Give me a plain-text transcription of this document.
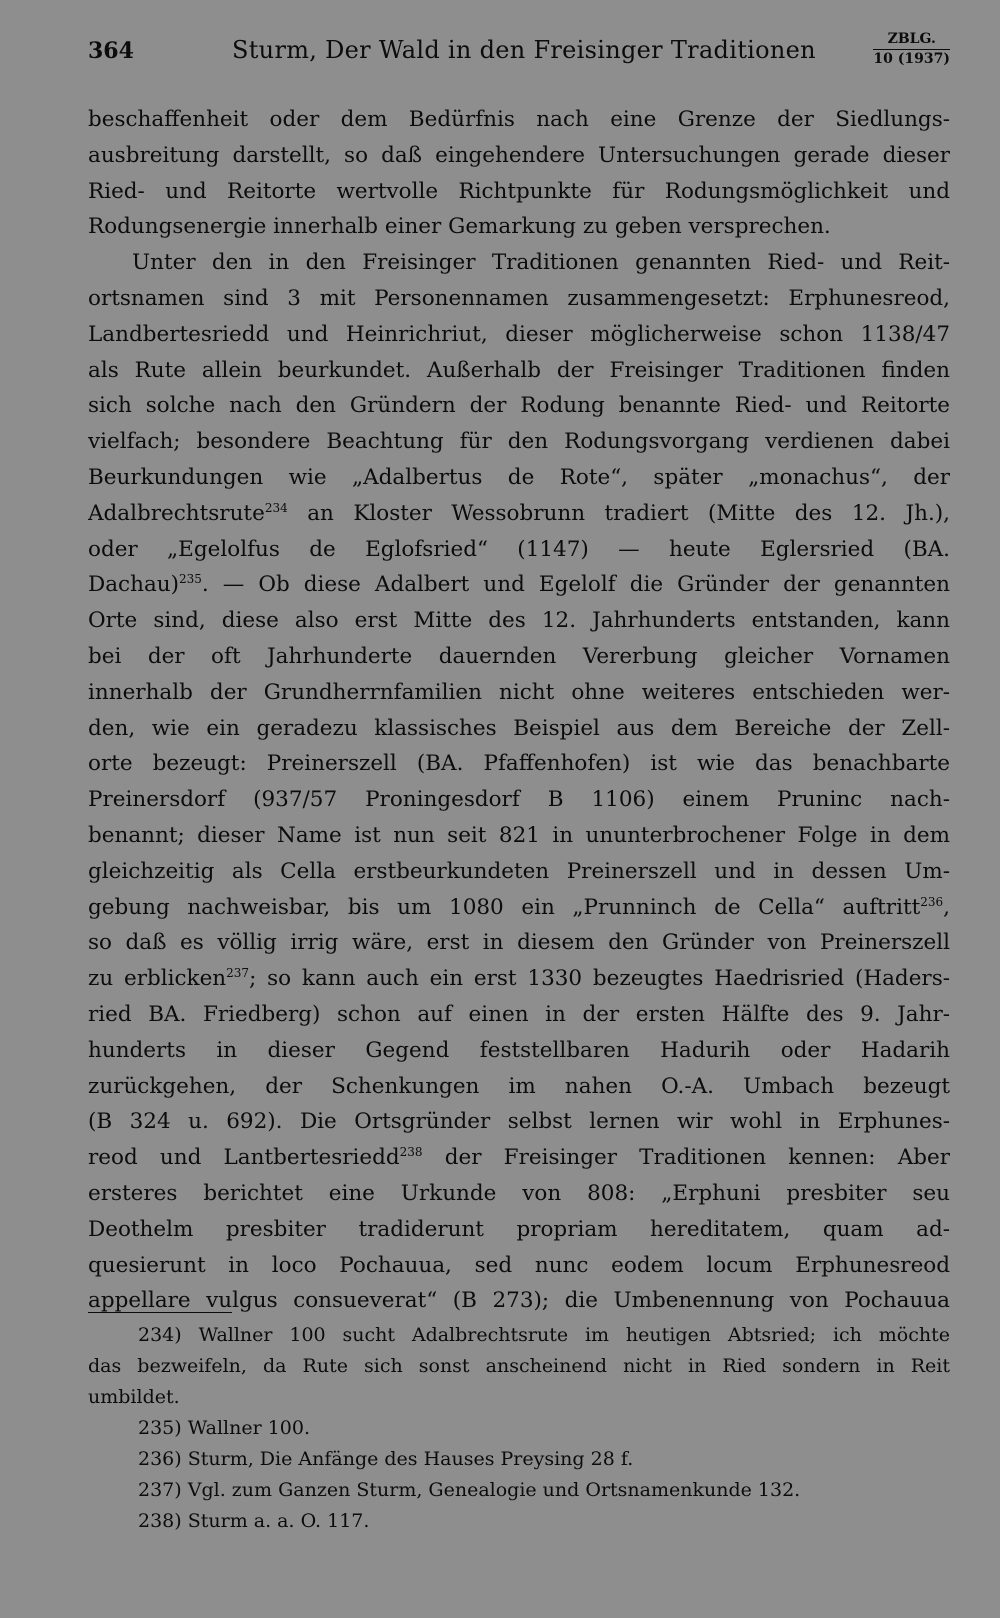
364	Sturm, Der Wald in den Freisinger Traditionen	ZBLG.
10 (1937)
beschaffenheit oder dem Bedürfnis nach eine Grenze der Siedlungs-
ausbreitung darstellt, so daß eingehendere Untersuchungen gerade dieser
Ried- und Reitorte wertvolle Richtpunkte für Rodungsmöglichkeit und
Rodungsenergie innerhalb einer Gemarkung zu geben versprechen.
Unter den in den Freisinger Traditionen genannten Ried- und Reit-
ortsnamen sind 3 mit Personennamen zusammengesetzt: Erphunesreod,
Landbertesriedd und Heinrichriut, dieser möglicherweise schon 1138/47
als Rute allein beurkundet. Außerhalb der Freisinger Traditionen finden
sich solche nach den Gründern der Rodung benannte Ried- und Reitorte
vielfach; besondere Beachtung für den Rodungsvorgang verdienen dabei
Beurkundungen wie „Adalbertus de Rote“, später „monachus“, der
Adalbrechtsrute$^{234}$ an Kloster Wessobrunn tradiert (Mitte des 12. Jh.),
oder „Egelolfus de Eglofsried“ (1147) — heute Eglersried (BA.
Dachau)$^{235}$. — Ob diese Adalbert und Egelolf die Gründer der genannten
Orte sind, diese also erst Mitte des 12. Jahrhunderts entstanden, kann
bei der oft Jahrhunderte dauernden Vererbung gleicher Vornamen
innerhalb der Grundherrnfamilien nicht ohne weiteres entschieden wer-
den, wie ein geradezu klassisches Beispiel aus dem Bereiche der Zell-
orte bezeugt: Preinerszell (BA. Pfaffenhofen) ist wie das benachbarte
Preinersdorf (937/57 Proningesdorf B 1106) einem Pruninc nach-
benannt; dieser Name ist nun seit 821 in ununterbrochener Folge in dem
gleichzeitig als Cella erstbeurkundeten Preinerszell und in dessen Um-
gebung nachweisbar, bis um 1080 ein „Prunninch de Cella“ auftritt$^{236}$,
so daß es völlig irrig wäre, erst in diesem den Gründer von Preinerszell
zu erblicken$^{237}$; so kann auch ein erst 1330 bezeugtes Haedrisried (Haders-
ried BA. Friedberg) schon auf einen in der ersten Hälfte des 9. Jahr-
hunderts in dieser Gegend feststellbaren Hadurih oder Hadarih
zurückgehen, der Schenkungen im nahen O.-A. Umbach bezeugt
(B 324 u. 692). Die Ortsgründer selbst lernen wir wohl in Erphunes-
reod und Lantbertesriedd$^{238}$ der Freisinger Traditionen kennen: Aber
ersteres berichtet eine Urkunde von 808: „Erphuni presbiter seu
Deothelm presbiter tradiderunt propriam hereditatem, quam ad-
quesierunt in loco Pochauua, sed nunc eodem locum Erphunesreod
appellare vulgus consueverat“ (B 273); die Umbenennung von Pochauua
234) Wallner 100 sucht Adalbrechtsrute im heutigen Abtsried; ich möchte
das bezweifeln, da Rute sich sonst anscheinend nicht in Ried sondern in Reit
umbildet.
235) Wallner 100.
236) Sturm, Die Anfänge des Hauses Preysing 28 f.
237) Vgl. zum Ganzen Sturm, Genealogie und Ortsnamenkunde 132.
238) Sturm a. a. O. 117.
